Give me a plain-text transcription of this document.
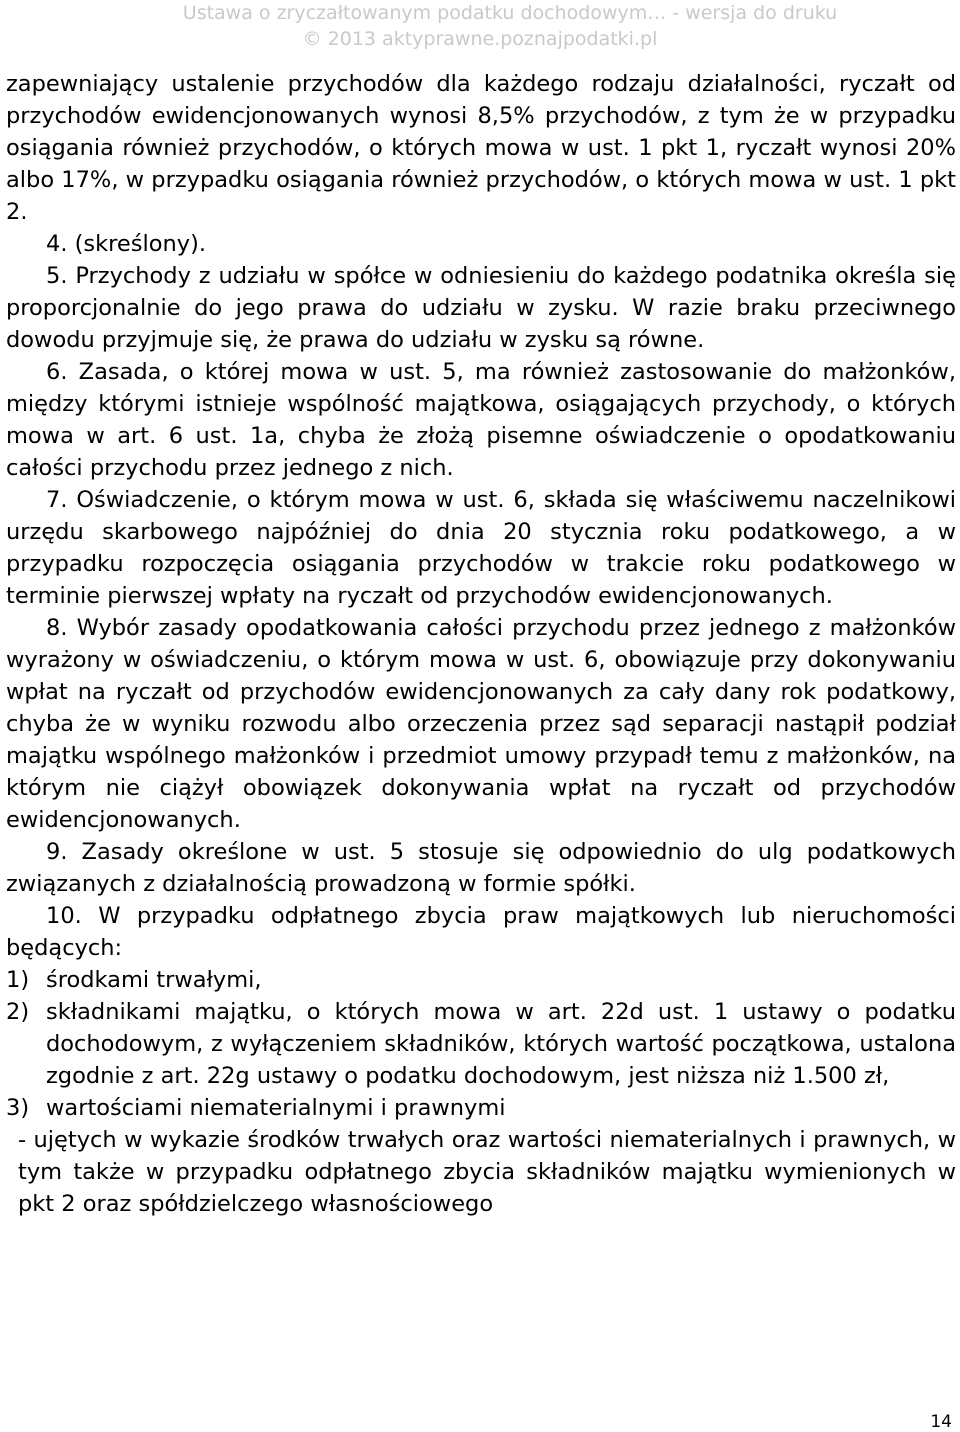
Ustawa o zryczałtowanym podatku dochodowym… - wersja do druku
© 2013 aktyprawne.poznajpodatki.pl

zapewniający ustalenie przychodów dla każdego rodzaju działalności, ryczałt od przychodów ewidencjonowanych wynosi 8,5% przychodów, z tym że w przypadku osiągania również przychodów, o których mowa w ust. 1 pkt 1, ryczałt wynosi 20% albo 17%, w przypadku osiągania również przychodów, o których mowa w ust. 1 pkt 2.

4. (skreślony).

5. Przychody z udziału w spółce w odniesieniu do każdego podatnika określa się proporcjonalnie do jego prawa do udziału w zysku. W razie braku przeciwnego dowodu przyjmuje się, że prawa do udziału w zysku są równe.

6. Zasada, o której mowa w ust. 5, ma również zastosowanie do małżonków, między którymi istnieje wspólność majątkowa, osiągających przychody, o których mowa w art. 6 ust. 1a, chyba że złożą pisemne oświadczenie o opodatkowaniu całości przychodu przez jednego z nich.

7. Oświadczenie, o którym mowa w ust. 6, składa się właściwemu naczelnikowi urzędu skarbowego najpóźniej do dnia 20 stycznia roku podatkowego, a w przypadku rozpoczęcia osiągania przychodów w trakcie roku podatkowego w terminie pierwszej wpłaty na ryczałt od przychodów ewidencjonowanych.

8. Wybór zasady opodatkowania całości przychodu przez jednego z małżonków wyrażony w oświadczeniu, o którym mowa w ust. 6, obowiązuje przy dokonywaniu wpłat na ryczałt od przychodów ewidencjonowanych za cały dany rok podatkowy, chyba że w wyniku rozwodu albo orzeczenia przez sąd separacji nastąpił podział majątku wspólnego małżonków i przedmiot umowy przypadł temu z małżonków, na którym nie ciążył obowiązek dokonywania wpłat na ryczałt od przychodów ewidencjonowanych.

9. Zasady określone w ust. 5 stosuje się odpowiednio do ulg podatkowych związanych z działalnością prowadzoną w formie spółki.

10. W przypadku odpłatnego zbycia praw majątkowych lub nieruchomości będących:

1) środkami trwałymi,
2) składnikami majątku, o których mowa w art. 22d ust. 1 ustawy o podatku dochodowym, z wyłączeniem składników, których wartość początkowa, ustalona zgodnie z art. 22g ustawy o podatku dochodowym, jest niższa niż 1.500 zł,
3) wartościami niematerialnymi i prawnymi

- ujętych w wykazie środków trwałych oraz wartości niematerialnych i prawnych, w tym także w przypadku odpłatnego zbycia składników majątku wymienionych w pkt 2 oraz spółdzielczego własnościowego

14
